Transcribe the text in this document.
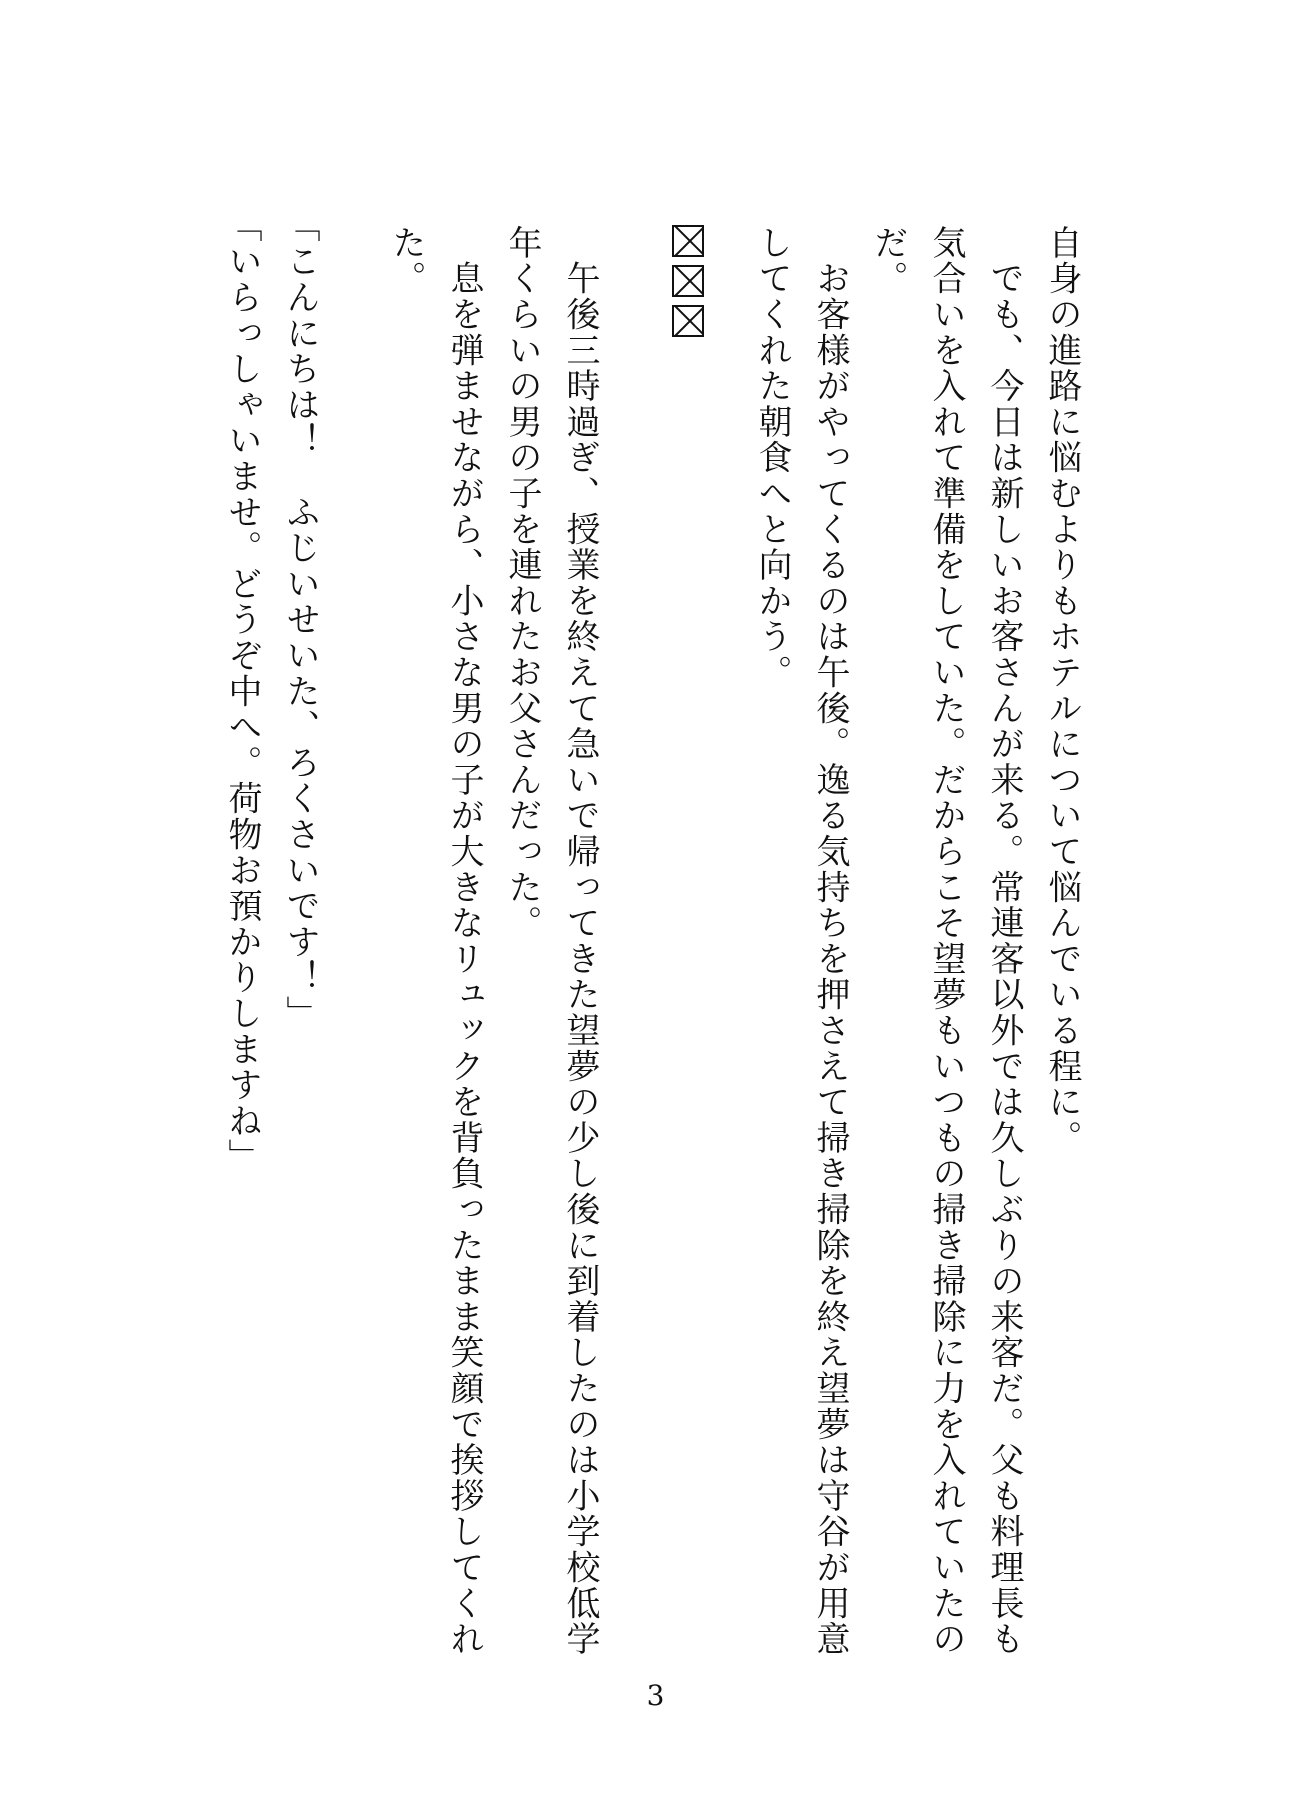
自身の進路に悩むよりもホテルについて悩んでいる程に。

　でも、今日は新しいお客さんが来る。常連客以外では久しぶりの来客だ。父も料理長も

気合いを入れて準備をしていた。だからこそ望夢もいつもの掃き掃除に力を入れていたの

だ。

　お客様がやってくるのは午後。逸る気持ちを押さえて掃き掃除を終え望夢は守谷が用意

してくれた朝食へと向かう。

　午後三時過ぎ、授業を終えて急いで帰ってきた望夢の少し後に到着したのは小学校低学

年くらいの男の子を連れたお父さんだった。

　息を弾ませながら、小さな男の子が大きなリュックを背負ったまま笑顔で挨拶してくれ

た。

「こんにちは！　ふじいせいた、ろくさいです！」

「いらっしゃいませ。どうぞ中へ。荷物お預かりしますね」

3
